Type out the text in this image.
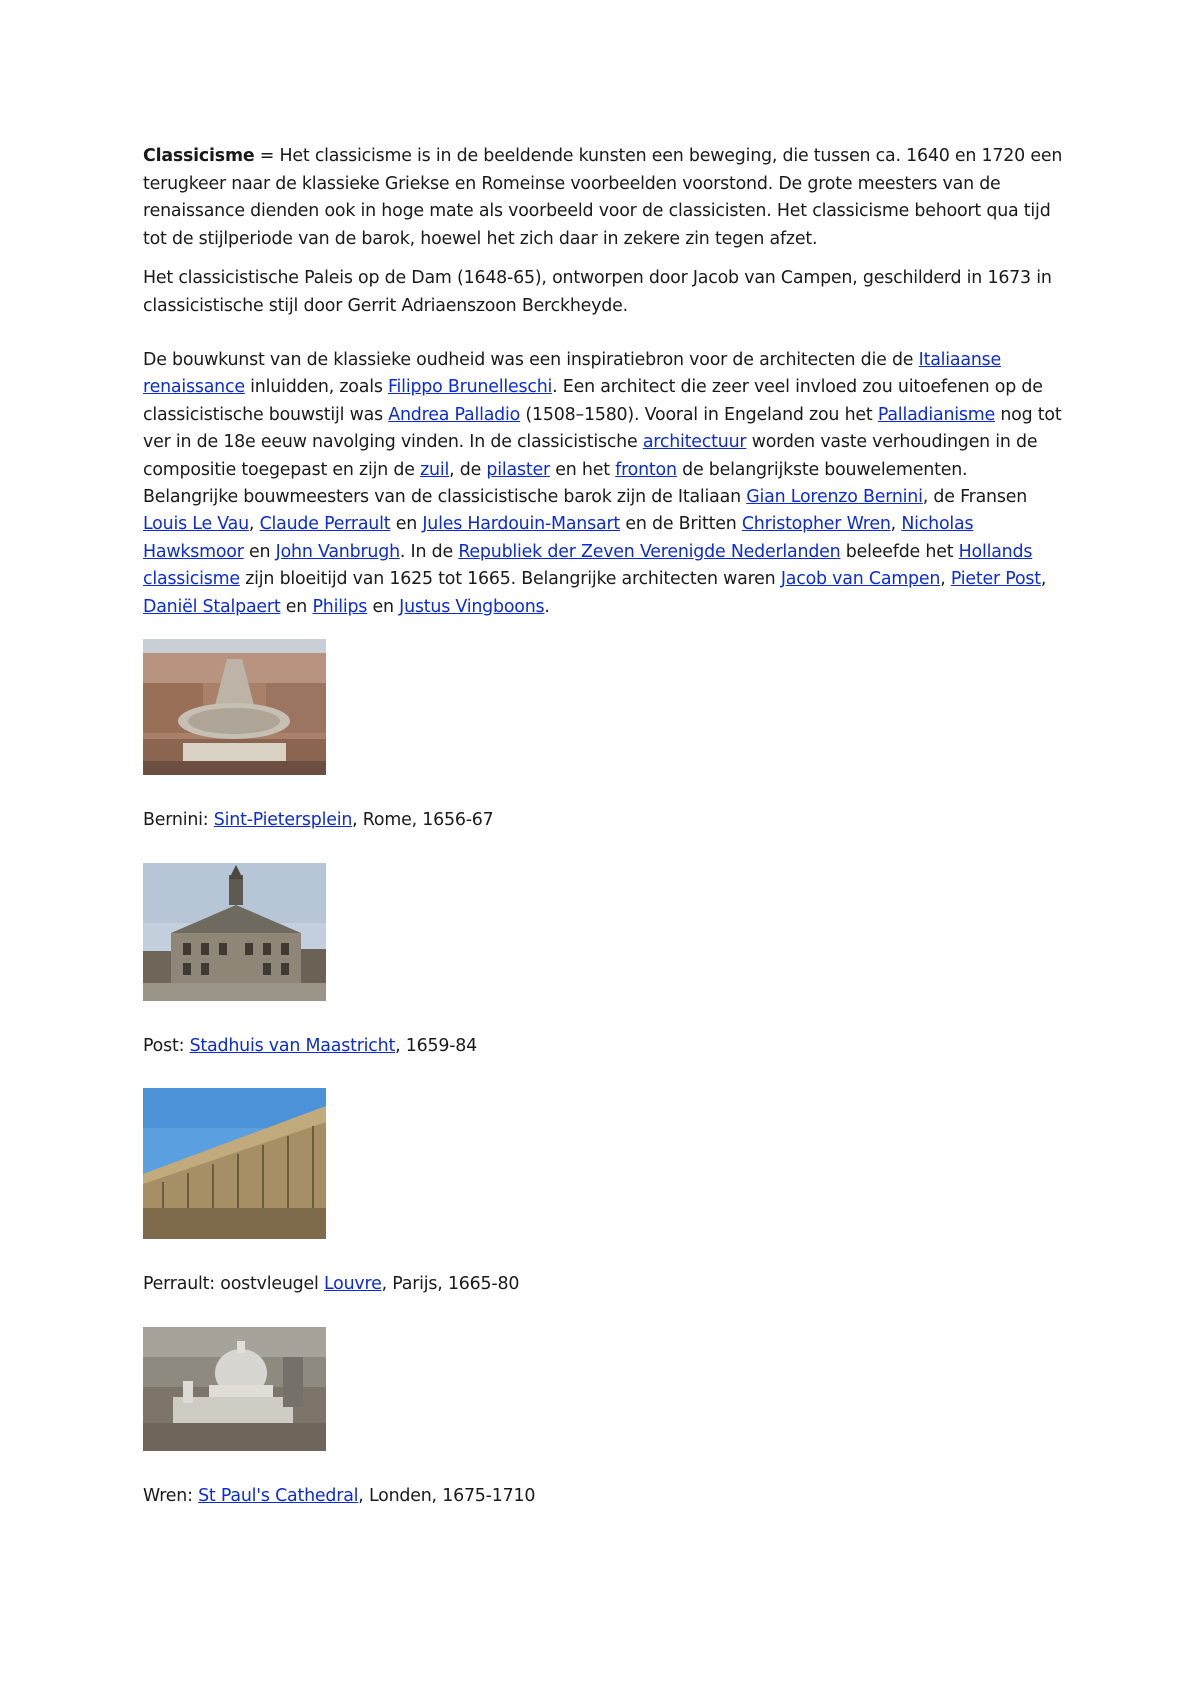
Classicisme = Het classicisme is in de beeldende kunsten een beweging, die tussen ca. 1640 en 1720 een terugkeer naar de klassieke Griekse en Romeinse voorbeelden voorstond. De grote meesters van de renaissance dienden ook in hoge mate als voorbeeld voor de classicisten. Het classicisme behoort qua tijd tot de stijlperiode van de barok, hoewel het zich daar in zekere zin tegen afzet.

Het classicistische Paleis op de Dam (1648-65), ontworpen door Jacob van Campen, geschilderd in 1673 in classicistische stijl door Gerrit Adriaenszoon Berckheyde.

De bouwkunst van de klassieke oudheid was een inspiratiebron voor de architecten die de Italiaanse renaissance inluidden, zoals Filippo Brunelleschi. Een architect die zeer veel invloed zou uitoefenen op de classicistische bouwstijl was Andrea Palladio (1508–1580). Vooral in Engeland zou het Palladianisme nog tot ver in de 18e eeuw navolging vinden. In de classicistische architectuur worden vaste verhoudingen in de compositie toegepast en zijn de zuil, de pilaster en het fronton de belangrijkste bouwelementen. Belangrijke bouwmeesters van de classicistische barok zijn de Italiaan Gian Lorenzo Bernini, de Fransen Louis Le Vau, Claude Perrault en Jules Hardouin-Mansart en de Britten Christopher Wren, Nicholas Hawksmoor en John Vanbrugh. In de Republiek der Zeven Verenigde Nederlanden beleefde het Hollands classicisme zijn bloeitijd van 1625 tot 1665. Belangrijke architecten waren Jacob van Campen, Pieter Post, Daniël Stalpaert en Philips en Justus Vingboons.

Bernini: Sint-Pietersplein, Rome, 1656-67

Post: Stadhuis van Maastricht, 1659-84

Perrault: oostvleugel Louvre, Parijs, 1665-80

Wren: St Paul's Cathedral, Londen, 1675-1710
